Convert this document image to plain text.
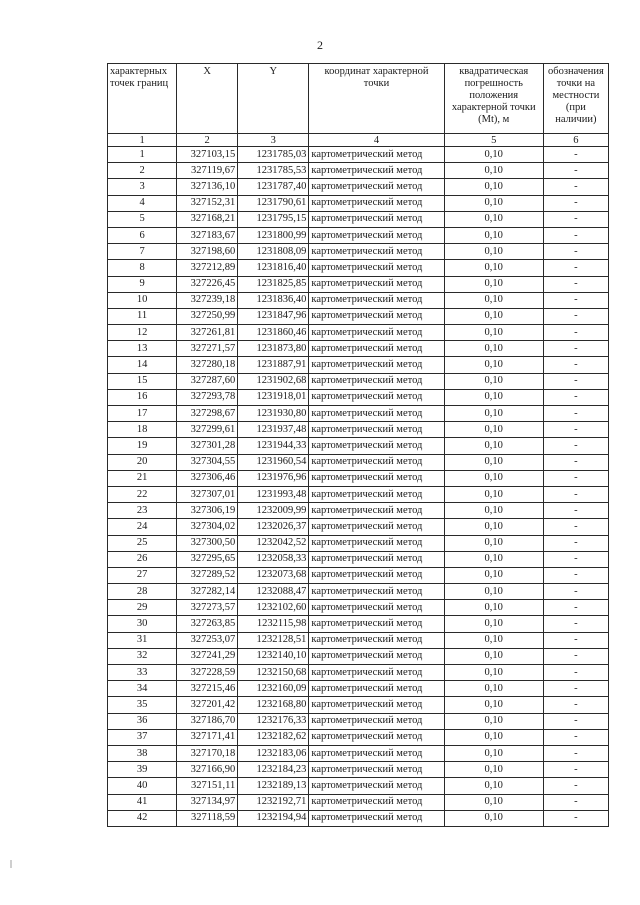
2
характерных точек границ	X	Y	координат характерной точки	квадратическая погрешность положения характерной точки (Mt), м	обозначения точки на местности (при наличии)
1	2	3	4	5	6
1	327103,15	1231785,03	картометрический метод	0,10	-
2	327119,67	1231785,53	картометрический метод	0,10	-
3	327136,10	1231787,40	картометрический метод	0,10	-
4	327152,31	1231790,61	картометрический метод	0,10	-
5	327168,21	1231795,15	картометрический метод	0,10	-
6	327183,67	1231800,99	картометрический метод	0,10	-
7	327198,60	1231808,09	картометрический метод	0,10	-
8	327212,89	1231816,40	картометрический метод	0,10	-
9	327226,45	1231825,85	картометрический метод	0,10	-
10	327239,18	1231836,40	картометрический метод	0,10	-
11	327250,99	1231847,96	картометрический метод	0,10	-
12	327261,81	1231860,46	картометрический метод	0,10	-
13	327271,57	1231873,80	картометрический метод	0,10	-
14	327280,18	1231887,91	картометрический метод	0,10	-
15	327287,60	1231902,68	картометрический метод	0,10	-
16	327293,78	1231918,01	картометрический метод	0,10	-
17	327298,67	1231930,80	картометрический метод	0,10	-
18	327299,61	1231937,48	картометрический метод	0,10	-
19	327301,28	1231944,33	картометрический метод	0,10	-
20	327304,55	1231960,54	картометрический метод	0,10	-
21	327306,46	1231976,96	картометрический метод	0,10	-
22	327307,01	1231993,48	картометрический метод	0,10	-
23	327306,19	1232009,99	картометрический метод	0,10	-
24	327304,02	1232026,37	картометрический метод	0,10	-
25	327300,50	1232042,52	картометрический метод	0,10	-
26	327295,65	1232058,33	картометрический метод	0,10	-
27	327289,52	1232073,68	картометрический метод	0,10	-
28	327282,14	1232088,47	картометрический метод	0,10	-
29	327273,57	1232102,60	картометрический метод	0,10	-
30	327263,85	1232115,98	картометрический метод	0,10	-
31	327253,07	1232128,51	картометрический метод	0,10	-
32	327241,29	1232140,10	картометрический метод	0,10	-
33	327228,59	1232150,68	картометрический метод	0,10	-
34	327215,46	1232160,09	картометрический метод	0,10	-
35	327201,42	1232168,80	картометрический метод	0,10	-
36	327186,70	1232176,33	картометрический метод	0,10	-
37	327171,41	1232182,62	картометрический метод	0,10	-
38	327170,18	1232183,06	картометрический метод	0,10	-
39	327166,90	1232184,23	картометрический метод	0,10	-
40	327151,11	1232189,13	картометрический метод	0,10	-
41	327134,97	1232192,71	картометрический метод	0,10	-
42	327118,59	1232194,94	картометрический метод	0,10	-
